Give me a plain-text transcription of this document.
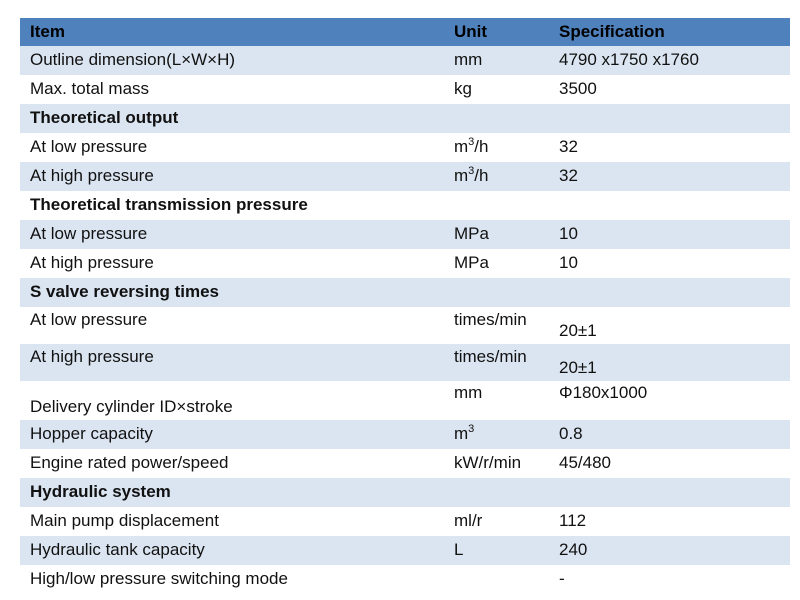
Item	Unit	Specification
Outline dimension(L×W×H)	mm	4790 x1750 x1760
Max. total mass	kg	3500
Theoretical output		
At low pressure	$m^3/h$	32
At high pressure	$m^3/h$	32
Theoretical transmission pressure		
At low pressure	MPa	10
At high pressure	MPa	10
S valve reversing times		
At low pressure	times/min	20±1
At high pressure	times/min	20±1
Delivery cylinder ID×stroke	mm	Φ180x1000
Hopper capacity	$m^3$	0.8
Engine rated power/speed	kW/r/min	45/480
Hydraulic system		
Main pump displacement	ml/r	112
Hydraulic tank capacity	L	240
High/low pressure switching mode		-
